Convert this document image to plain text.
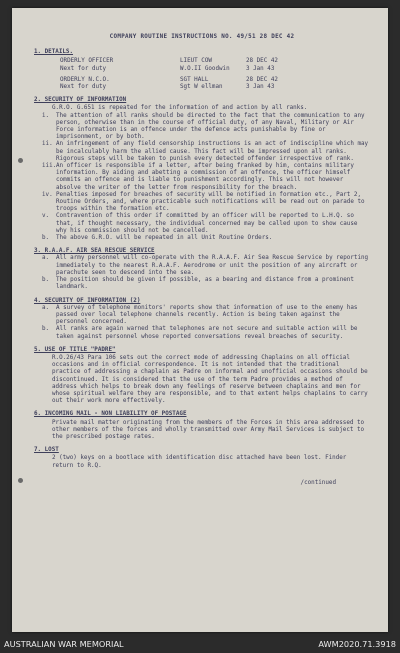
COMPANY ROUTINE INSTRUCTIONS NO. 49/51 28 DEC 42
1. DETAILS.
ORDERLY OFFICER	LIEUT COW	28 DEC 42
Next for duty	W.O.II Goodwin	3 Jan 43
ORDERLY N.C.O.	SGT HALL	28 DEC 42
Next for duty	Sgt W ellman	3 Jan 43
2. SECURITY OF INFORMATION
G.R.O. G.651 is repeated for the information of and action by all ranks.
i.	The attention of all ranks should be directed to the fact that the communication to any person, otherwise than in the course of official duty, of any Naval, Military or Air Force information is an offence under the defence acts punishable by fine or imprisonment, or by both.
ii. An infringement of any field censorship instructions is an act of indiscipline which may be incalculably harm the allied cause. This fact will be impressed upon all ranks. Rigorous steps will be taken to punish every detected offender irrespective of rank.
iii. An officer is responsible if a letter, after being franked by him, contains military information. By aiding and abetting a commission of an offence, the officer himself commits an offence and is liable to punishment accordingly. This will not however absolve the writer of the letter from responsibility for the breach.
iv. Penalties imposed for breaches of security will be notified in formation etc., Part 2, Routine Orders, and, where practicable such notifications will be read out on parade to troops within the formation etc.
v.	Contravention of this order if committed by an officer will be reported to L.H.Q. so that, if thought necessary, the individual concerned may be called upon to show cause why his commission should not be cancelled.
b.	The above G.R.O. will be repeated in all Unit Routine Orders.
3. R.A.A.F. AIR SEA RESCUE SERVICE
a.	All army personnel will co-operate with the R.A.A.F. Air Sea Rescue Service by reporting immediately to the nearest R.A.A.F. Aerodrome or unit the position of any aircraft or parachute seen to descend into the sea.
b.	The position should be given if possible, as a bearing and distance from a prominent landmark.
4. SECURITY OF INFORMATION (2)
a.	A survey of telephone monitors' reports show that information of use to the enemy has passed over local telephone channels recently. Action is being taken against the personnel concerned.
b.	All ranks are again warned that telephones are not secure and suitable action will be taken against personnel whose reported conversations reveal breaches of security.
5. USE OF TITLE "PADRE"
R.O.26/43 Para 106 sets out the correct mode of addressing Chaplains on all official occasions and in official correspondence. It is not intended that the traditional practice of addressing a chaplain as Padre on informal and unofficial occasions should be discontinued. It is considered that the use of the term Padre provides a method of address which helps to break down any feelings of reserve between chaplains and men for whose spiritual welfare they are responsible, and to that extent helps chaplains to carry out their work more effectively.
6. INCOMING MAIL - NON LIABILITY OF POSTAGE
Private mail matter originating from the members of the Forces in this area addressed to other members of the forces and wholly transmitted over Army Mail Services is subject to the prescribed postage rates.
7. LOST
2 (two) keys on a bootlace with identification disc attached have been lost. Finder return to R.Q.
/continued
AUSTRALIAN WAR MEMORIAL	AWM2020.71.3918
